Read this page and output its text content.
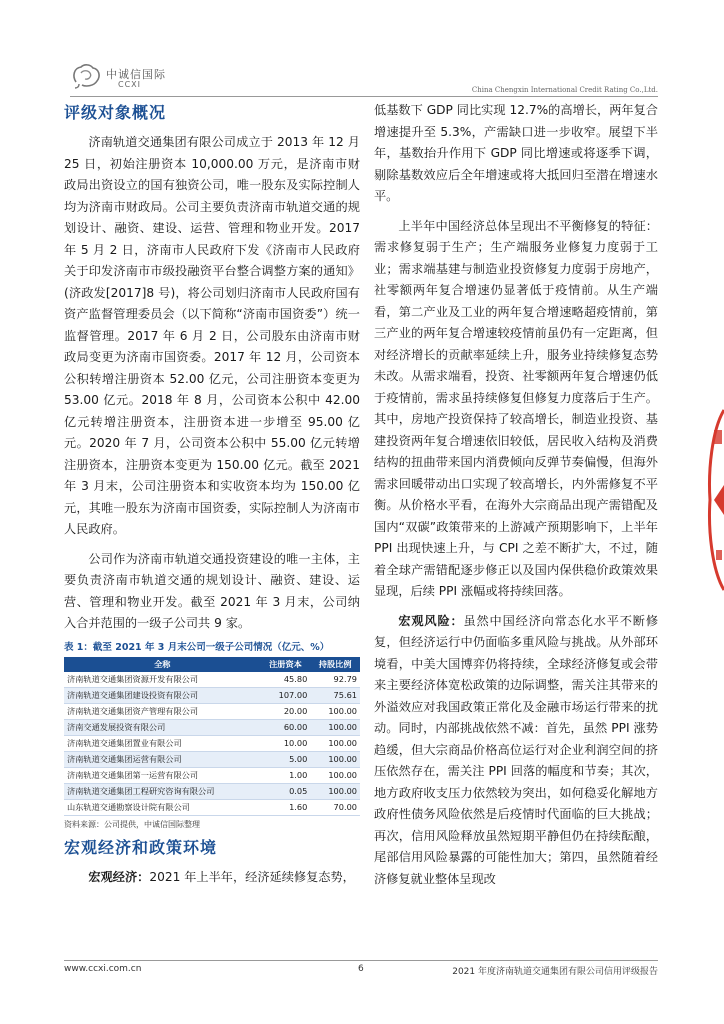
中诚信国际
CCXI
China Chengxin International Credit Rating Co.,Ltd.
评级对象概况

济南轨道交通集团有限公司成立于 2013 年 12 月 25 日，初始注册资本 10,000.00 万元，是济南市财政局出资设立的国有独资公司，唯一股东及实际控制人均为济南市财政局。公司主要负责济南市轨道交通的规划设计、融资、建设、运营、管理和物业开发。2017 年 5 月 2 日，济南市人民政府下发《济南市人民政府关于印发济南市市级投融资平台整合调整方案的通知》(济政发[2017]8 号)，将公司划归济南市人民政府国有资产监督管理委员会（以下简称“济南市国资委”）统一监督管理。2017 年 6 月 2 日，公司股东由济南市财政局变更为济南市国资委。2017 年 12 月，公司资本公积转增注册资本 52.00 亿元，公司注册资本变更为 53.00 亿元。2018 年 8 月，公司资本公积中 42.00 亿元转增注册资本，注册资本进一步增至 95.00 亿元。2020 年 7 月，公司资本公积中 55.00 亿元转增注册资本，注册资本变更为 150.00 亿元。截至 2021 年 3 月末，公司注册资本和实收资本均为 150.00 亿元，其唯一股东为济南市国资委，实际控制人为济南市人民政府。

公司作为济南市轨道交通投资建设的唯一主体，主要负责济南市轨道交通的规划设计、融资、建设、运营、管理和物业开发。截至 2021 年 3 月末，公司纳入合并范围的一级子公司共 9 家。

表 1：截至 2021 年 3 月末公司一级子公司情况（亿元、%）
全称	注册资本	持股比例
济南轨道交通集团资源开发有限公司	45.80	92.79
济南轨道交通集团建设投资有限公司	107.00	75.61
济南轨道交通集团资产管理有限公司	20.00	100.00
济南交通发展投资有限公司	60.00	100.00
济南轨道交通集团置业有限公司	10.00	100.00
济南轨道交通集团运营有限公司	5.00	100.00
济南轨道交通集团第一运营有限公司	1.00	100.00
济南轨道交通集团工程研究咨询有限公司	0.05	100.00
山东轨道交通勘察设计院有限公司	1.60	70.00
资料来源：公司提供，中诚信国际整理
宏观经济和政策环境

宏观经济：2021 年上半年，经济延续修复态势，

低基数下 GDP 同比实现 12.7%的高增长，两年复合增速提升至 5.3%，产需缺口进一步收窄。展望下半年，基数抬升作用下 GDP 同比增速或将逐季下调，剔除基数效应后全年增速或将大抵回归至潜在增速水平。

上半年中国经济总体呈现出不平衡修复的特征：需求修复弱于生产；生产端服务业修复力度弱于工业；需求端基建与制造业投资修复力度弱于房地产，社零额两年复合增速仍显著低于疫情前。从生产端看，第二产业及工业的两年复合增速略超疫情前，第三产业的两年复合增速较疫情前虽仍有一定距离，但对经济增长的贡献率延续上升，服务业持续修复态势未改。从需求端看，投资、社零额两年复合增速仍低于疫情前，需求虽持续修复但修复力度落后于生产。其中，房地产投资保持了较高增长，制造业投资、基建投资两年复合增速依旧较低，居民收入结构及消费结构的扭曲带来国内消费倾向反弹节奏偏慢，但海外需求回暖带动出口实现了较高增长，内外需修复不平衡。从价格水平看，在海外大宗商品出现产需错配及国内“双碳”政策带来的上游减产预期影响下，上半年 PPI 出现快速上升，与 CPI 之差不断扩大，不过，随着全球产需错配逐步修正以及国内保供稳价政策效果显现，后续 PPI 涨幅或将持续回落。

宏观风险：虽然中国经济向常态化水平不断修复，但经济运行中仍面临多重风险与挑战。从外部环境看，中美大国博弈仍将持续，全球经济修复或会带来主要经济体宽松政策的边际调整，需关注其带来的外溢效应对我国政策正常化及金融市场运行带来的扰动。同时，内部挑战依然不减：首先，虽然 PPI 涨势趋缓，但大宗商品价格高位运行对企业利润空间的挤压依然存在，需关注 PPI 回落的幅度和节奏；其次，地方政府收支压力依然较为突出，如何稳妥化解地方政府性债务风险依然是后疫情时代面临的巨大挑战；再次，信用风险释放虽然短期平静但仍在持续酝酿，尾部信用风险暴露的可能性加大；第四，虽然随着经济修复就业整体呈现改

www.ccxi.com.cn	6	2021 年度济南轨道交通集团有限公司信用评级报告
